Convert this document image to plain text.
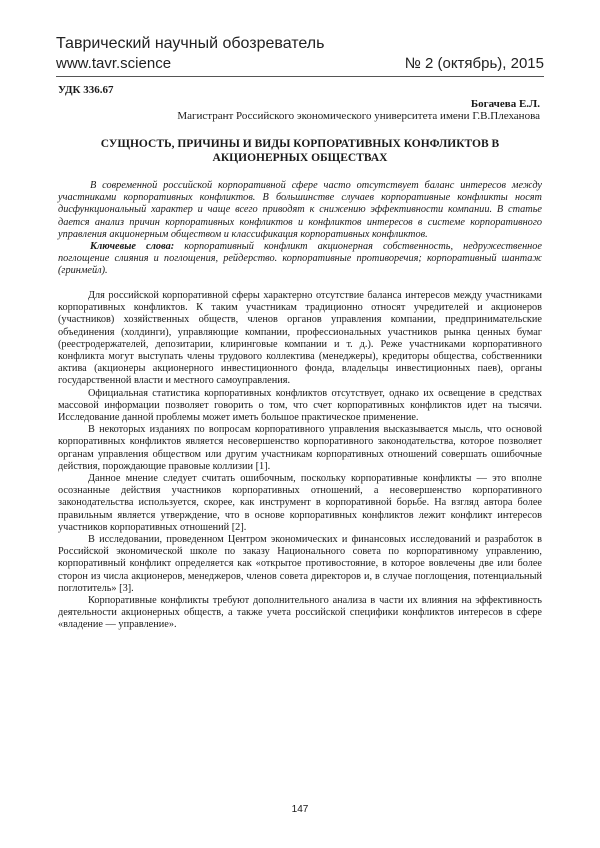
Таврический научный обозреватель
www.tavr.science	№ 2 (октябрь), 2015
УДК 336.67
Богачева Е.Л.
Магистрант Российского экономического университета имени Г.В.Плеханова
СУЩНОСТЬ, ПРИЧИНЫ И ВИДЫ КОРПОРАТИВНЫХ КОНФЛИКТОВ В АКЦИОНЕРНЫХ ОБЩЕСТВАХ

В современной российской корпоративной сфере часто отсутствует баланс интересов между участниками корпоративных конфликтов. В большинстве случаев корпоративные конфликты носят дисфункциональный характер и чаще всего приводят к снижению эффективности компании. В статье дается анализ причин корпоративных конфликтов и конфликтов интересов в системе корпоративного управления акционерным обществом и классификация корпоративных конфликтов.

Ключевые слова: корпоративный конфликт акционерная собственность, недружественное поглощение слияния и поглощения, рейдерство. корпоративные противоречия; корпоративный шантаж (гринмейл).

Для российской корпоративной сферы характерно отсутствие баланса интересов между участниками корпоративных конфликтов. К таким участникам традиционно относят учредителей и акционеров (участников) хозяйственных обществ, членов органов управления компании, предпринимательские объединения (холдинги), управляющие компании, профессиональных участников рынка ценных бумаг (реестродержателей, депозитарии, клиринговые компании и т. д.). Реже участниками корпоративного конфликта могут выступать члены трудового коллектива (менеджеры), кредиторы общества, собственники актива (акционеры акционерного инвестиционного фонда, владельцы инвестиционных паев), органы государственной власти и местного самоуправления.

Официальная статистика корпоративных конфликтов отсутствует, однако их освещение в средствах массовой информации позволяет говорить о том, что счет корпоративных конфликтов идет на тысячи. Исследование данной проблемы может иметь большое практическое применение.

В некоторых изданиях по вопросам корпоративного управления высказывается мысль, что основой корпоративных конфликтов является несовершенство корпоративного законодательства, которое позволяет органам управления обществом или другим участникам корпоративных отношений совершать ошибочные действия, порождающие правовые коллизии [1].

Данное мнение следует считать ошибочным, поскольку корпоративные конфликты — это вполне осознанные действия участников корпоративных отношений, а несовершенство корпоративного законодательства используется, скорее, как инструмент в корпоративной борьбе. На взгляд автора более правильным является утверждение, что в основе корпоративных конфликтов лежит конфликт интересов участников корпоративных отношений [2].

В исследовании, проведенном Центром экономических и финансовых исследований и разработок в Российской экономической школе по заказу Национального совета по корпоративному управлению, корпоративный конфликт определяется как «открытое противостояние, в которое вовлечены две или более сторон из числа акционеров, менеджеров, членов совета директоров и, в случае поглощения, потенциальный поглотитель» [3].

Корпоративные конфликты требуют дополнительного анализа в части их влияния на эффективность деятельности акционерных обществ, а также учета российской специфики конфликтов интересов в сфере «владение — управление».

147
